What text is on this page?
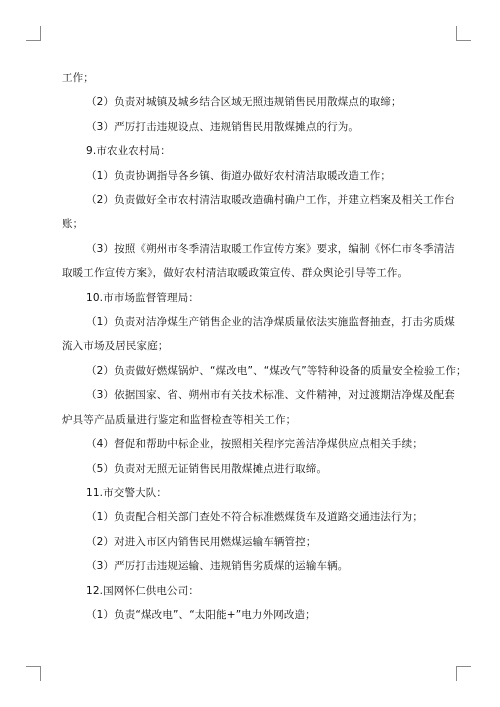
工作；
（2）负责对城镇及城乡结合区域无照违规销售民用散煤点的取缔；
（3）严厉打击违规设点、违规销售民用散煤摊点的行为。
9.市农业农村局：
（1）负责协调指导各乡镇、街道办做好农村清洁取暖改造工作；
（2）负责做好全市农村清洁取暖改造确村确户工作，并建立档案及相关工作台
账；
（3）按照《朔州市冬季清洁取暖工作宣传方案》要求，编制《怀仁市冬季清洁
取暖工作宣传方案》，做好农村清洁取暖政策宣传、群众舆论引导等工作。
10.市市场监督管理局：
（1）负责对洁净煤生产销售企业的洁净煤质量依法实施监督抽查，打击劣质煤
流入市场及居民家庭；
（2）负责做好燃煤锅炉、“煤改电”、“煤改气”等特种设备的质量安全检验工作；
（3）依据国家、省、朔州市有关技术标准、文件精神，对过渡期洁净煤及配套
炉具等产品质量进行鉴定和监督检查等相关工作；
（4）督促和帮助中标企业，按照相关程序完善洁净煤供应点相关手续；
（5）负责对无照无证销售民用散煤摊点进行取缔。
11.市交警大队：
（1）负责配合相关部门查处不符合标准燃煤货车及道路交通违法行为；
（2）对进入市区内销售民用燃煤运输车辆管控；
（3）严厉打击违规运输、违规销售劣质煤的运输车辆。
12.国网怀仁供电公司：
（1）负责“煤改电”、“太阳能+”电力外网改造；
